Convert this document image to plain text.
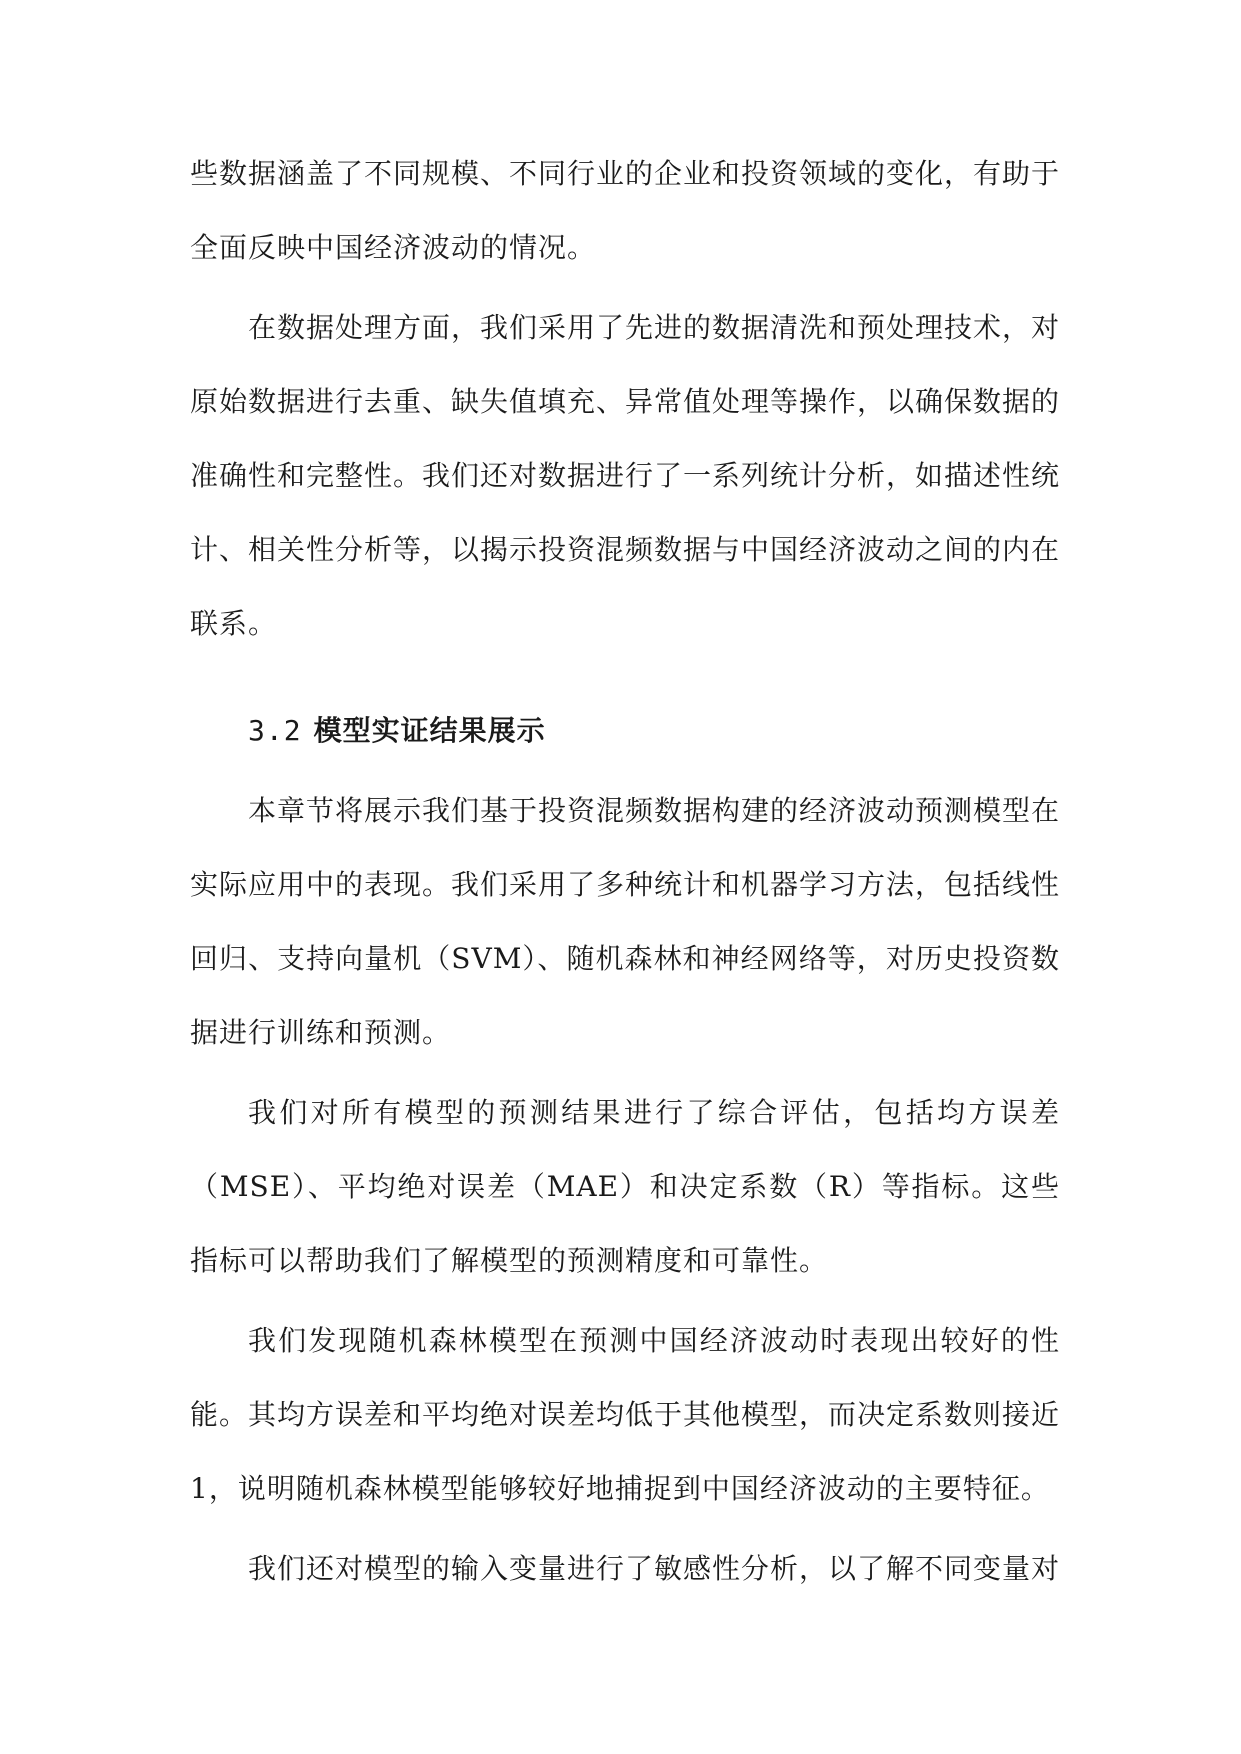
些数据涵盖了不同规模、不同行业的企业和投资领域的变化，有助于全面反映中国经济波动的情况。

在数据处理方面，我们采用了先进的数据清洗和预处理技术，对原始数据进行去重、缺失值填充、异常值处理等操作，以确保数据的准确性和完整性。我们还对数据进行了一系列统计分析，如描述性统计、相关性分析等，以揭示投资混频数据与中国经济波动之间的内在联系。

3.2 模型实证结果展示

本章节将展示我们基于投资混频数据构建的经济波动预测模型在实际应用中的表现。我们采用了多种统计和机器学习方法，包括线性回归、支持向量机（SVM）、随机森林和神经网络等，对历史投资数据进行训练和预测。

我们对所有模型的预测结果进行了综合评估，包括均方误差（MSE）、平均绝对误差（MAE）和决定系数（R）等指标。这些指标可以帮助我们了解模型的预测精度和可靠性。

我们发现随机森林模型在预测中国经济波动时表现出较好的性能。其均方误差和平均绝对误差均低于其他模型，而决定系数则接近1，说明随机森林模型能够较好地捕捉到中国经济波动的主要特征。

我们还对模型的输入变量进行了敏感性分析，以了解不同变量对
